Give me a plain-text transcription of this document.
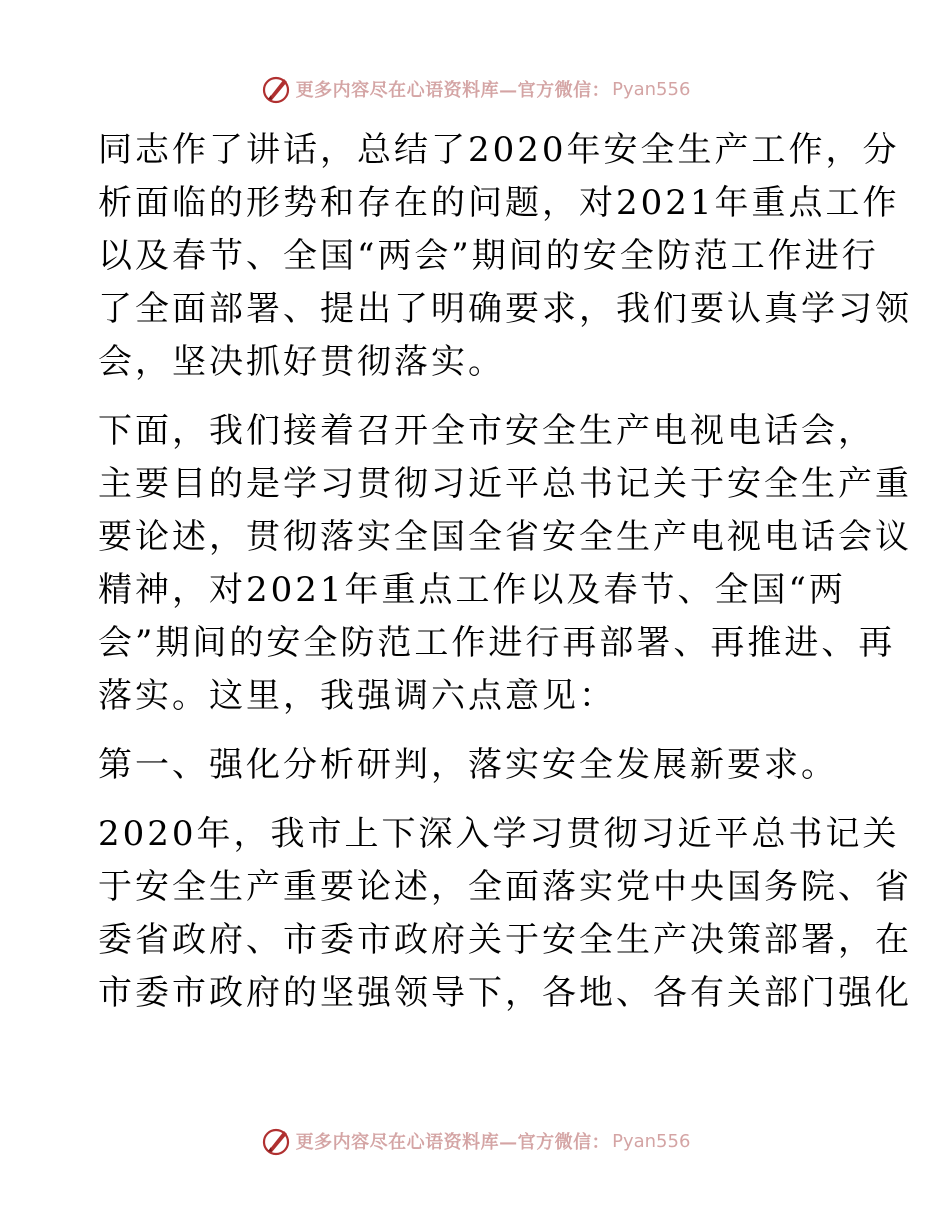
更多内容尽在心语资料库—官方微信： Pyan556

同志作了讲话，总结了2020年安全生产工作，分
析面临的形势和存在的问题，对2021年重点工作
以及春节、全国“两会”期间的安全防范工作进行
了全面部署、提出了明确要求，我们要认真学习领
会，坚决抓好贯彻落实。

下面，我们接着召开全市安全生产电视电话会，
主要目的是学习贯彻习近平总书记关于安全生产重
要论述，贯彻落实全国全省安全生产电视电话会议
精神，对2021年重点工作以及春节、全国“两
会”期间的安全防范工作进行再部署、再推进、再
落实。这里，我强调六点意见：

第一、强化分析研判，落实安全发展新要求。

2020年，我市上下深入学习贯彻习近平总书记关
于安全生产重要论述，全面落实党中央国务院、省
委省政府、市委市政府关于安全生产决策部署，在
市委市政府的坚强领导下，各地、各有关部门强化

更多内容尽在心语资料库—官方微信： Pyan556
